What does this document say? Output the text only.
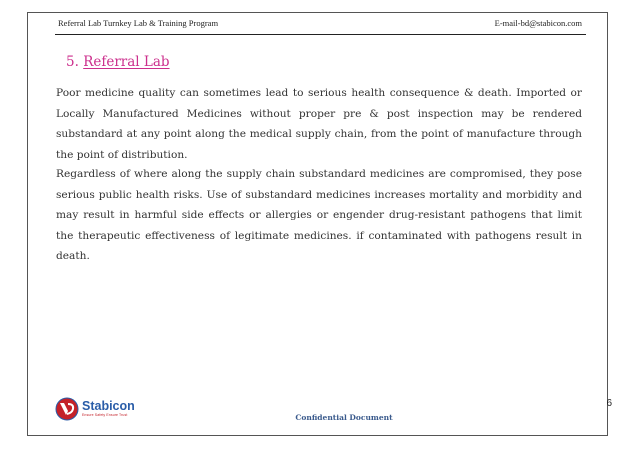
Referral Lab Turnkey Lab & Training Program	E-mail-bd@stabicon.com
5. Referral Lab
Poor medicine quality can sometimes lead to serious health consequence & death. Imported or Locally Manufactured Medicines without proper pre & post inspection may be rendered substandard at any point along the medical supply chain, from the point of manufacture through the point of distribution.
Regardless of where along the supply chain substandard medicines are compromised, they pose serious public health risks. Use of substandard medicines increases mortality and morbidity and may result in harmful side effects or allergies or engender drug-resistant pathogens that limit the therapeutic effectiveness of legitimate medicines. if contaminated with pathogens result in death.
Stabicon
Ensure Safety Ensure Trust	Confidential Document
6
